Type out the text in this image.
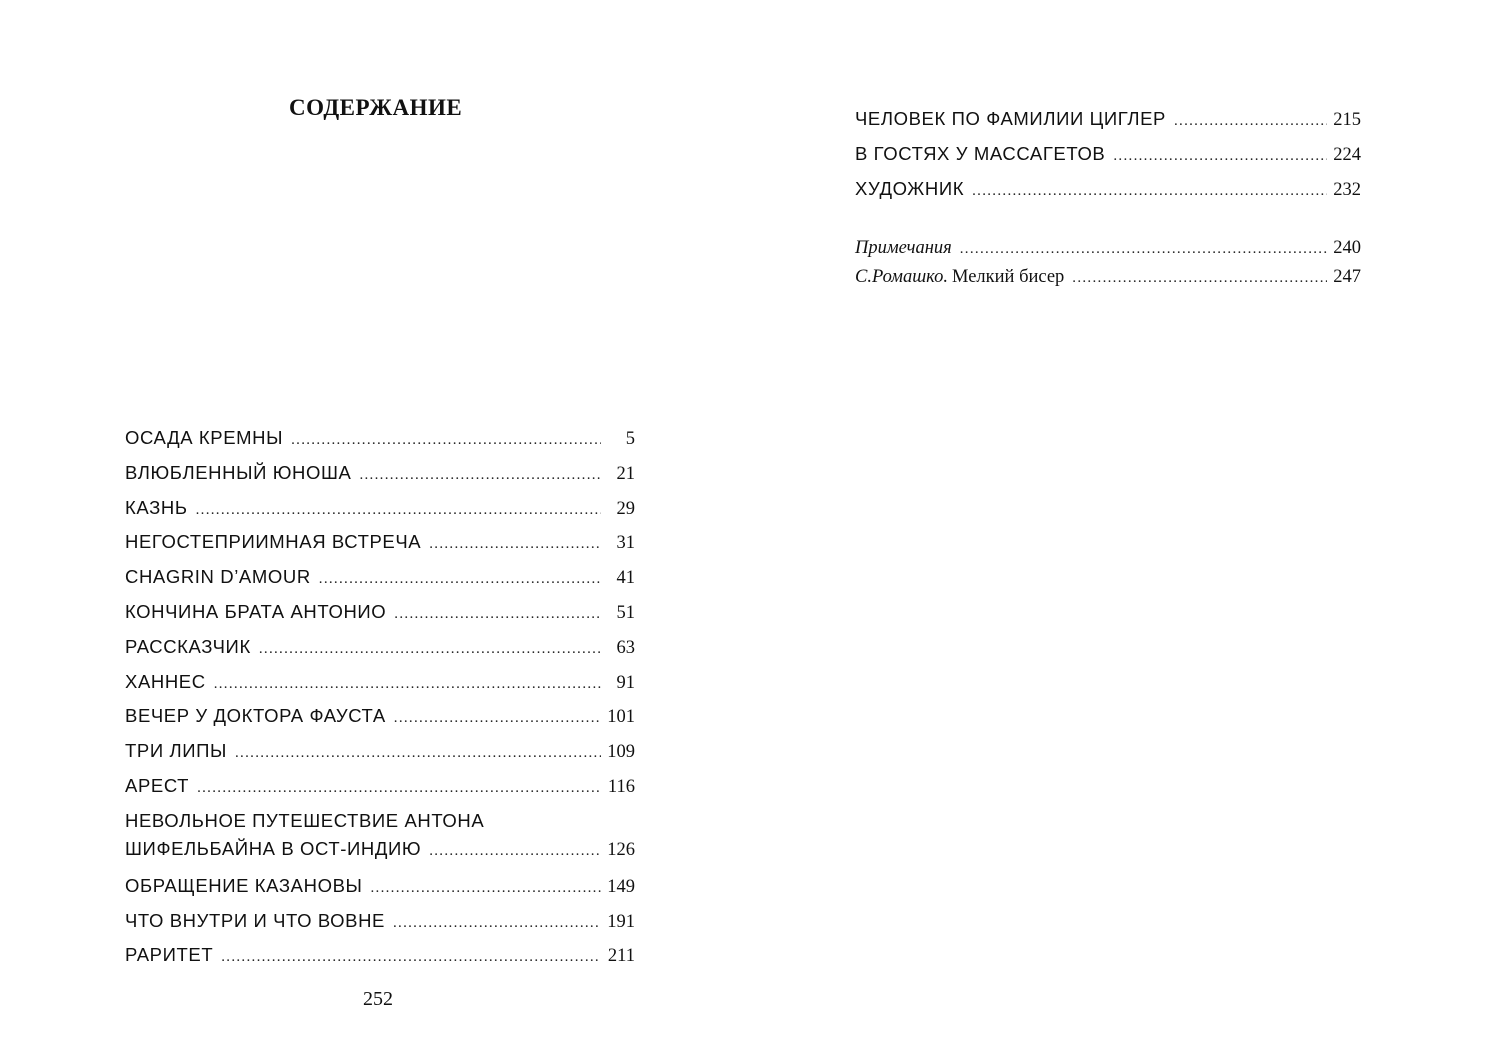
СОДЕРЖАНИЕ
ОСАДА КРЕМНЫ .....	5
ВЛЮБЛЕННЫЙ ЮНОША .....	21
КАЗНЬ .....	29
НЕГОСТЕПРИИМНАЯ ВСТРЕЧА .....	31
CHAGRIN D’AMOUR .....	41
КОНЧИНА БРАТА АНТОНИО .....	51
РАССКАЗЧИК .....	63
ХАННЕС .....	91
ВЕЧЕР У ДОКТОРА ФАУСТА .....	101
ТРИ ЛИПЫ .....	109
АРЕСТ .....	116
НЕВОЛЬНОЕ ПУТЕШЕСТВИЕ АНТОНА
ШИФЕЛЬБАЙНА В ОСТ-ИНДИЮ .....	126
ОБРАЩЕНИЕ КАЗАНОВЫ .....	149
ЧТО ВНУТРИ И ЧТО ВОВНЕ .....	191
РАРИТЕТ .....	211

252

ЧЕЛОВЕК ПО ФАМИЛИИ ЦИГЛЕР .....	215
В ГОСТЯХ У МАССАГЕТОВ .....	224
ХУДОЖНИК .....	232
Примечания .....	240
С.Ромашко.
Мелкий бисер .....	247
